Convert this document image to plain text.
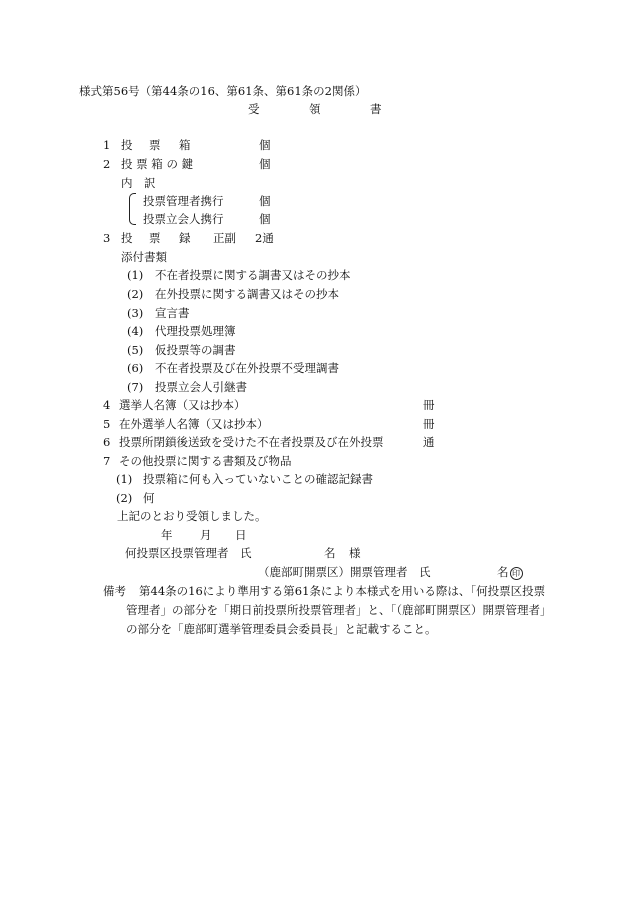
様式第56号（第44条の16、第61条、第61条の2関係）
受	領	書
1 投 票 箱	個
2 投 票 箱 の 鍵	個
内　訳
投票管理者携行	個
投票立会人携行	個
3 投 票 録 正副 2通
添付書類
(1) 不在者投票に関する調書又はその抄本
(2) 在外投票に関する調書又はその抄本
(3) 宣言書
(4) 代理投票処理簿
(5) 仮投票等の調書
(6) 不在者投票及び在外投票不受理調書
(7) 投票立会人引継書
4 選挙人名簿（又は抄本）	冊
5 在外選挙人名簿（又は抄本）	冊
6 投票所閉鎖後送致を受けた不在者投票及び在外投票	通
7 その他投票に関する書類及び物品
(1) 投票箱に何も入っていないことの確認記録書
(2) 何
上記のとおり受領しました。
年 月 日
何投票区投票管理者　氏	名 様
（鹿部町開票区）開票管理者　氏	名 印
備考 第44条の16により準用する第61条により本様式を用いる際は、「何投票区投票
管理者」の部分を「期日前投票所投票管理者」と、「（鹿部町開票区）開票管理者」
の部分を「鹿部町選挙管理委員会委員長」と記載すること。
